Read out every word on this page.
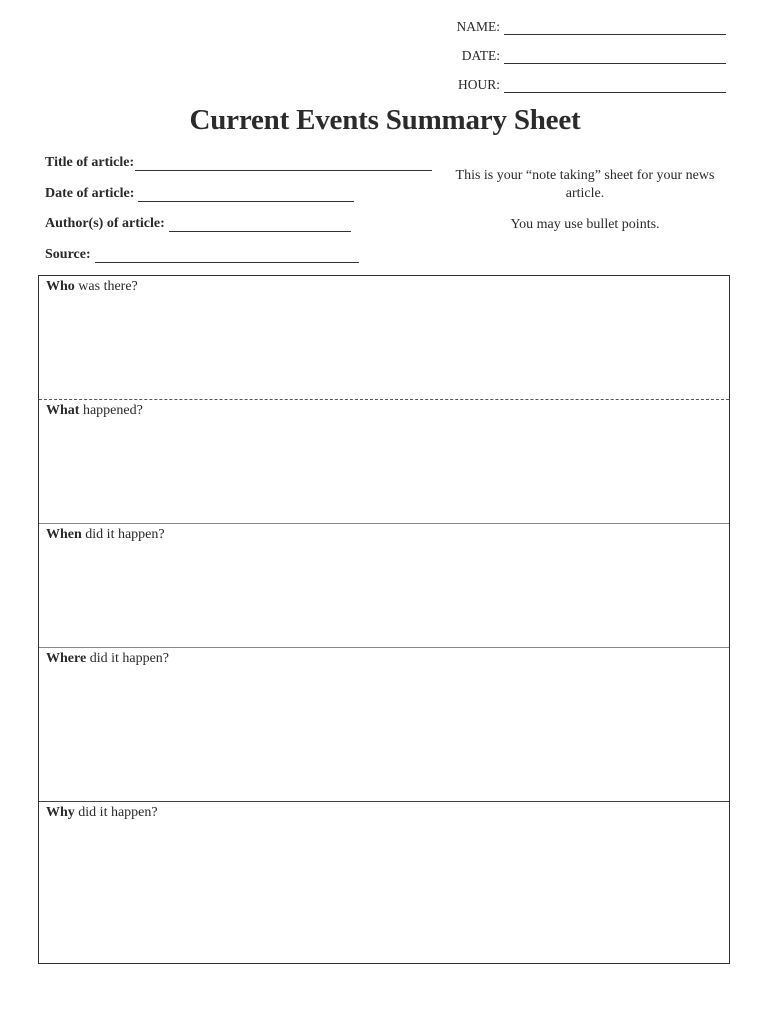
NAME:
DATE:
HOUR:
Current Events Summary Sheet
Title of article:
Date of article:
Author(s) of article:
Source:
This is your “note taking” sheet for your news article.
You may use bullet points.
Who was there?
What happened?
When did it happen?
Where did it happen?
Why did it happen?
